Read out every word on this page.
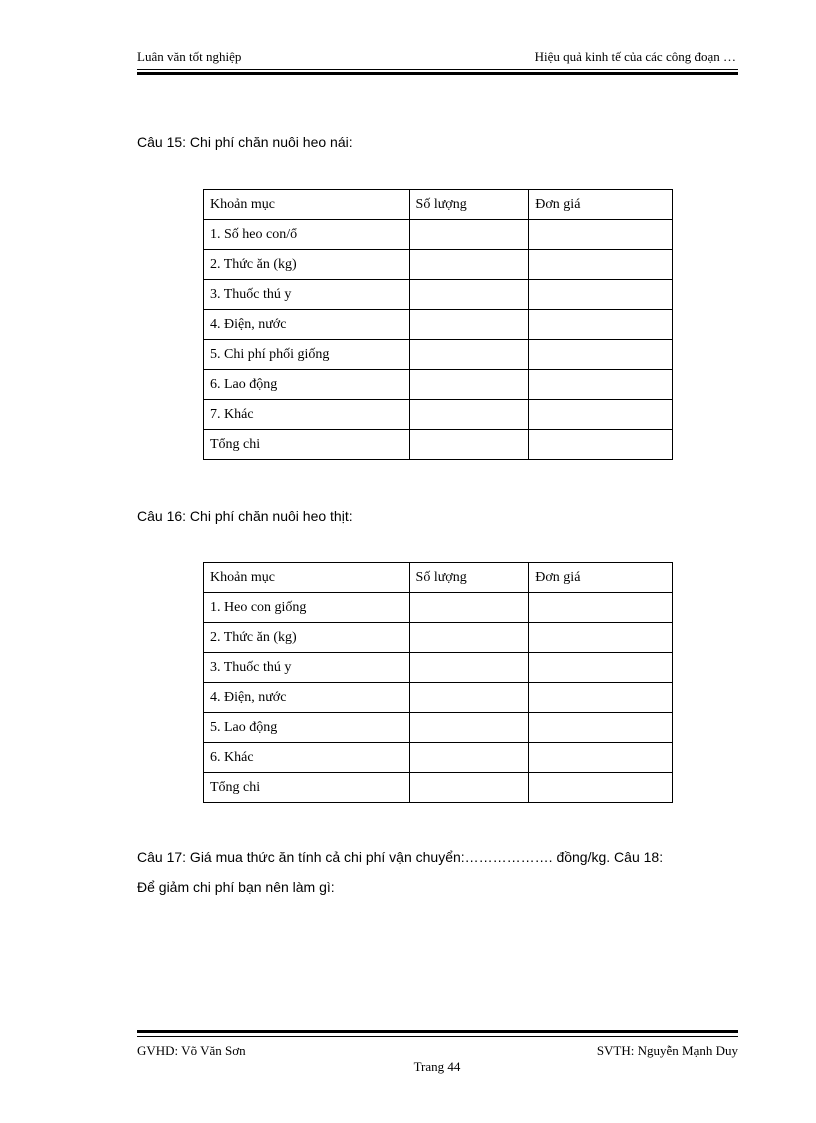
Luân văn tốt nghiệp	Hiệu quả kinh tế của các công đoạn …
Câu 15: Chi phí chăn nuôi heo nái:
Khoản mục	Số lượng	Đơn giá
1. Số heo con/ổ		
2. Thức ăn (kg)		
3. Thuốc thú y		
4. Điện, nước		
5. Chi phí phối giống		
6. Lao động		
7. Khác		
Tổng chi		
Câu 16: Chi phí chăn nuôi heo thịt:
Khoản mục	Số lượng	Đơn giá
1. Heo con giống		
2. Thức ăn (kg)		
3. Thuốc thú y		
4. Điện, nước		
5. Lao động		
6. Khác		
Tổng chi		
Câu 17: Giá mua thức ăn tính cả chi phí vận chuyển:………………. đồng/kg. Câu 18:
Để giảm chi phí bạn nên làm gì:
GVHD: Võ Văn Sơn	SVTH: Nguyễn Mạnh Duy
Trang 44
